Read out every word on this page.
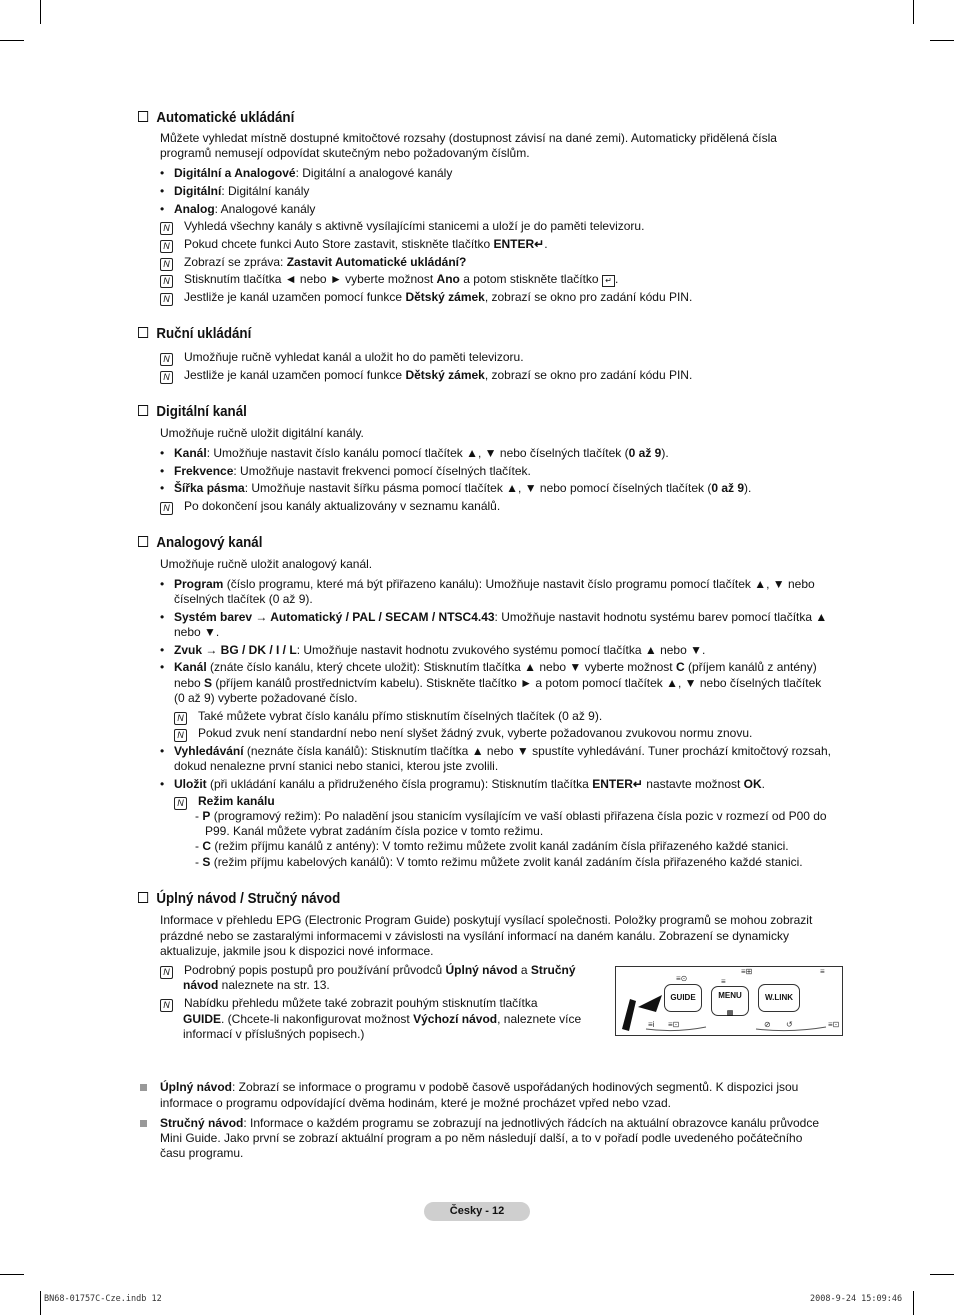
Automatické ukládání
Můžete vyhledat místně dostupné kmitočtové rozsahy (dostupnost závisí na dané zemi). Automaticky přidělená čísla
programů nemusejí odpovídat skutečným nebo požadovaným číslům.
• Digitální a Analogové: Digitální a analogové kanály
• Digitální: Digitální kanály
• Analog: Analogové kanály
N Vyhledá všechny kanály s aktivně vysílajícími stanicemi a uloží je do paměti televizoru.
N Pokud chcete funkci Auto Store zastavit, stiskněte tlačítko ENTER↵.
N Zobrazí se zpráva: Zastavit Automatické ukládání?
N Stisknutím tlačítka ◄ nebo ► vyberte možnost Ano a potom stiskněte tlačítko ↵ .
N Jestliže je kanál uzamčen pomocí funkce Dětský zámek, zobrazí se okno pro zadání kódu PIN.
Ruční ukládání
N Umožňuje ručně vyhledat kanál a uložit ho do paměti televizoru.
N Jestliže je kanál uzamčen pomocí funkce Dětský zámek, zobrazí se okno pro zadání kódu PIN.
Digitální kanál
Umožňuje ručně uložit digitální kanály.
• Kanál: Umožňuje nastavit číslo kanálu pomocí tlačítek ▲, ▼ nebo číselných tlačítek (0 až 9).
• Frekvence: Umožňuje nastavit frekvenci pomocí číselných tlačítek.
• Šířka pásma: Umožňuje nastavit šířku pásma pomocí tlačítek ▲, ▼ nebo pomocí číselných tlačítek (0 až 9).
N Po dokončení jsou kanály aktualizovány v seznamu kanálů.
Analogový kanál
Umožňuje ručně uložit analogový kanál.
• Program (číslo programu, které má být přiřazeno kanálu): Umožňuje nastavit číslo programu pomocí tlačítek ▲, ▼ nebo
číselných tlačítek (0 až 9).
• Systém barev → Automatický / PAL / SECAM / NTSC4.43: Umožňuje nastavit hodnotu systému barev pomocí tlačítka ▲
nebo ▼.
• Zvuk → BG / DK / I / L: Umožňuje nastavit hodnotu zvukového systému pomocí tlačítka ▲ nebo ▼.
• Kanál (znáte číslo kanálu, který chcete uložit): Stisknutím tlačítka ▲ nebo ▼ vyberte možnost C (příjem kanálů z antény)
nebo S (příjem kanálů prostřednictvím kabelu). Stiskněte tlačítko ► a potom pomocí tlačítek ▲, ▼ nebo číselných tlačítek
(0 až 9) vyberte požadované číslo.
N Také můžete vybrat číslo kanálu přímo stisknutím číselných tlačítek (0 až 9).
N Pokud zvuk není standardní nebo není slyšet žádný zvuk, vyberte požadovanou zvukovou normu znovu.
• Vyhledávání (neznáte čísla kanálů): Stisknutím tlačítka ▲ nebo ▼ spustíte vyhledávání. Tuner prochází kmitočtový rozsah,
dokud nenalezne první stanici nebo stanici, kterou jste zvolili.
• Uložit (při ukládání kanálu a přidruženého čísla programu): Stisknutím tlačítka ENTER↵ nastavte možnost OK.
N Režim kanálu
- P (programový režim): Po naladění jsou stanicím vysílajícím ve vaší oblasti přiřazena čísla pozic v rozmezí od P00 do
P99. Kanál můžete vybrat zadáním čísla pozice v tomto režimu.
- C (režim příjmu kanálů z antény): V tomto režimu můžete zvolit kanál zadáním čísla přiřazeného každé stanici.
- S (režim příjmu kabelových kanálů): V tomto režimu můžete zvolit kanál zadáním čísla přiřazeného každé stanici.
Úplný návod / Stručný návod
Informace v přehledu EPG (Electronic Program Guide) poskytují vysílací společnosti. Položky programů se mohou zobrazit
prázdné nebo se zastaralými informacemi v závislosti na vysílání informací na daném kanálu. Zobrazení se dynamicky
aktualizuje, jakmile jsou k dispozici nové informace.
N Podrobný popis postupů pro používání průvodců Úplný návod a Stručný
návod naleznete na str. 13.
N Nabídku přehledu můžete také zobrazit pouhým stisknutím tlačítka
GUIDE. (Chcete-li nakonfigurovat možnost Výchozí návod, naleznete více
informací v příslušných popisech.)
≡⊙	≡
≡⊞	≡
GUIDE	MENU
▥
W.LINK
≡i ≡⊡	⊘ ↺	≡⊡
Úplný návod: Zobrazí se informace o programu v podobě časově uspořádaných hodinových segmentů. K dispozici jsou
informace o programu odpovídající dvěma hodinám, které je možné procházet vpřed nebo vzad.
Stručný návod: Informace o každém programu se zobrazují na jednotlivých řádcích na aktuální obrazovce kanálu průvodce
Mini Guide. Jako první se zobrazí aktuální program a po něm následují další, a to v pořadí podle uvedeného počátečního
času programu.
Česky - 12
BN68-01757C-Cze.indb 12	2008-9-24 15:09:46
